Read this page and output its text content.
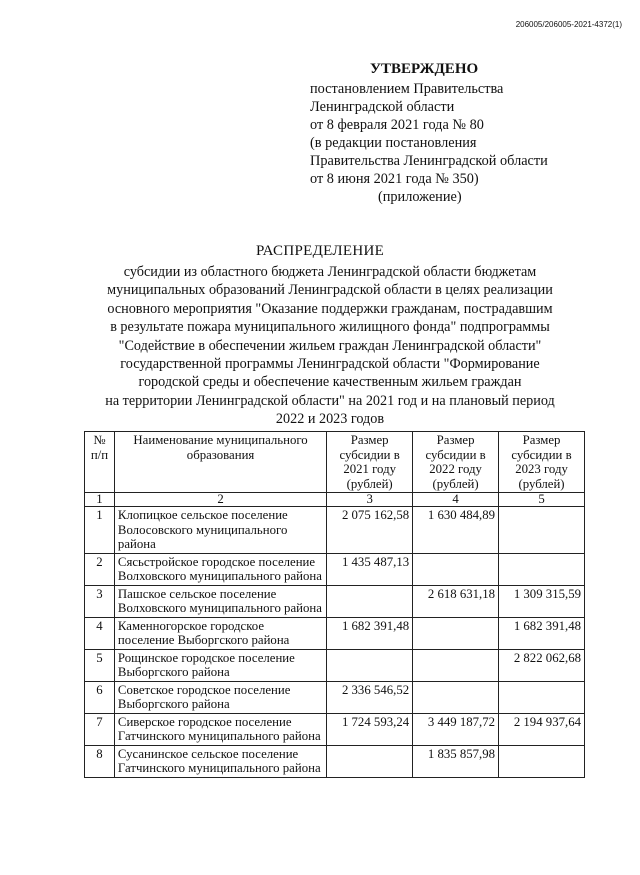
206005/206005-2021-4372(1)
УТВЕРЖДЕНО
постановлением Правительства
Ленинградской области
от 8 февраля 2021 года № 80
(в редакции постановления
Правительства Ленинградской области
от 8 июня 2021 года № 350)
(приложение)
РАСПРЕДЕЛЕНИЕ
субсидии из областного бюджета Ленинградской области бюджетам
муниципальных образований Ленинградской области в целях реализации
основного мероприятия "Оказание поддержки гражданам, пострадавшим
в результате пожара муниципального жилищного фонда" подпрограммы
"Содействие в обеспечении жильем граждан Ленинградской области"
государственной программы Ленинградской области "Формирование
городской среды и обеспечение качественным жильем граждан
на территории Ленинградской области" на 2021 год и на плановый период
2022 и 2023 годов
№ п/п	Наименование муниципального образования	Размер субсидии в 2021 году (рублей)	Размер субсидии в 2022 году (рублей)	Размер субсидии в 2023 году (рублей)
1	2	3	4	5
1	Клопицкое сельское поселение Волосовского муниципального района	2 075 162,58	1 630 484,89	
2	Сясьстройское городское поселение Волховского муниципального района	1 435 487,13		
3	Пашское сельское поселение Волховского муниципального района		2 618 631,18	1 309 315,59
4	Каменногорское городское поселение Выборгского района	1 682 391,48		1 682 391,48
5	Рощинское городское поселение Выборгского района			2 822 062,68
6	Советское городское поселение Выборгского района	2 336 546,52		
7	Сиверское городское поселение Гатчинского муниципального района	1 724 593,24	3 449 187,72	2 194 937,64
8	Сусанинское сельское поселение Гатчинского муниципального района		1 835 857,98	
